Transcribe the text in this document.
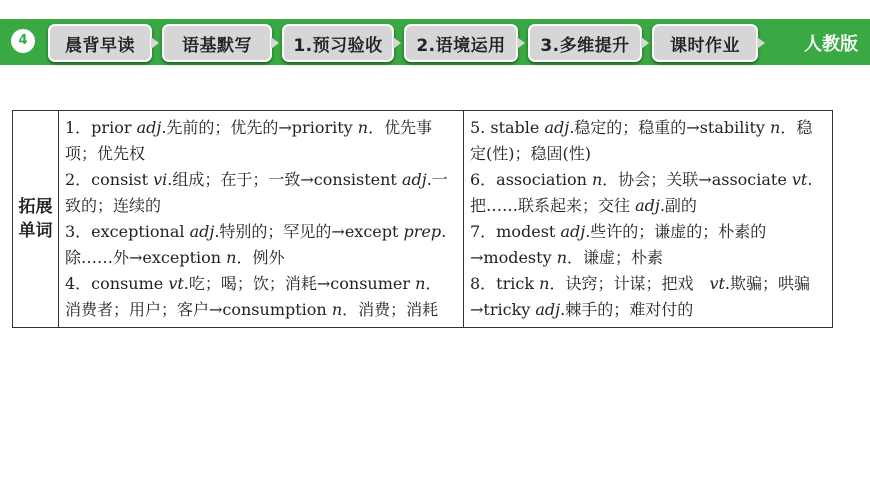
4	晨背早读	语基默写	1.预习验收	2.语境运用	3.多维提升	课时作业	人教版
拓展
单词

1．prior adj.先前的；优先的→priority n．优先事项；优先权
2．consist vi.组成；在于；一致→consistent adj.一致的；连续的
3．exceptional adj.特别的；罕见的→except prep.除……外→exception n．例外
4．consume vt.吃；喝；饮；消耗→consumer n．消费者；用户；客户→consumption n．消费；消耗

5. stable adj.稳定的；稳重的→stability n．稳定(性)；稳固(性)
6．association n．协会；关联→associate vt.把……联系起来；交往 adj.副的
7．modest adj.些许的；谦虚的；朴素的→modesty n．谦虚；朴素
8．trick n．诀窍；计谋；把戏　vt.欺骗；哄骗→tricky adj.棘手的；难对付的
